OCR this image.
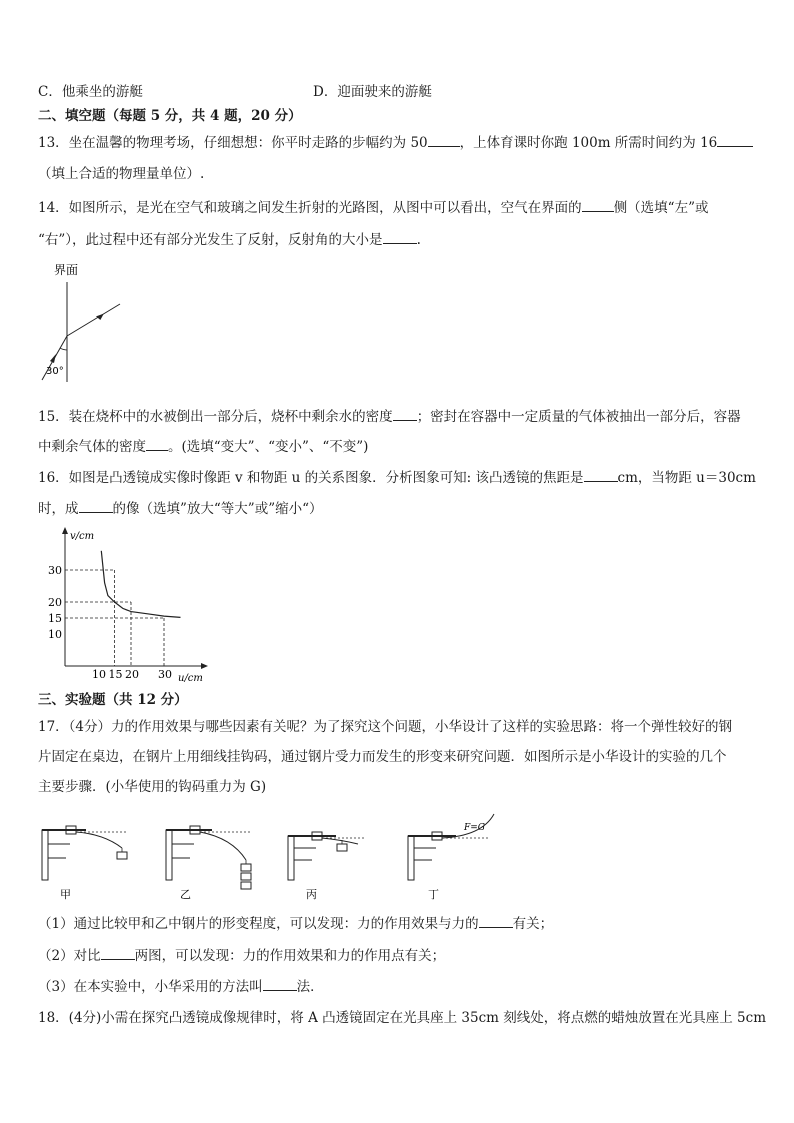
C．他乘坐的游艇	D．迎面驶来的游艇
二、填空题（每题 5 分，共 4 题，20 分）
13．坐在温馨的物理考场，仔细想想：你平时走路的步幅约为 50 ，上体育课时你跑 100m 所需时间约为 16
（填上合适的物理量单位）.
14．如图所示，是光在空气和玻璃之间发生折射的光路图，从图中可以看出，空气在界面的 侧（选填“左”或
“右”），此过程中还有部分光发生了反射，反射角的大小是	.
界面
30°
15．装在烧杯中的水被倒出一部分后，烧杯中剩余水的密度 ；密封在容器中一定质量的气体被抽出一部分后，容器
中剩余气体的密度 。(选填“变大”、“变小”、“不变”)
16．如图是凸透镜成实像时像距 v 和物距 u 的关系图象．分析图象可知: 该凸透镜的焦距是	cm，当物距 u＝30cm
时，成	的像（选填”放大“等大”或”缩小“）
v/cm
u/cm
10 15 20 30
30
20
15
10
三、实验题（共 12 分）
17．（4分）力的作用效果与哪些因素有关呢？为了探究这个问题，小华设计了这样的实验思路：将一个弹性较好的钢
片固定在桌边，在钢片上用细线挂钩码，通过钢片受力而发生的形变来研究问题．如图所示是小华设计的实验的几个
主要步骤．(小华使用的钩码重力为 G)
甲	乙	丙
F=G
丁
（1）通过比较甲和乙中钢片的形变程度，可以发现：力的作用效果与力的	有关；
（2）对比	两图，可以发现：力的作用效果和力的作用点有关；
（3）在本实验中，小华采用的方法叫	法．
18．(4分)小需在探究凸透镜成像规律时，将 A 凸透镜固定在光具座上 35cm 刻线处，将点燃的蜡烛放置在光具座上 5cm
